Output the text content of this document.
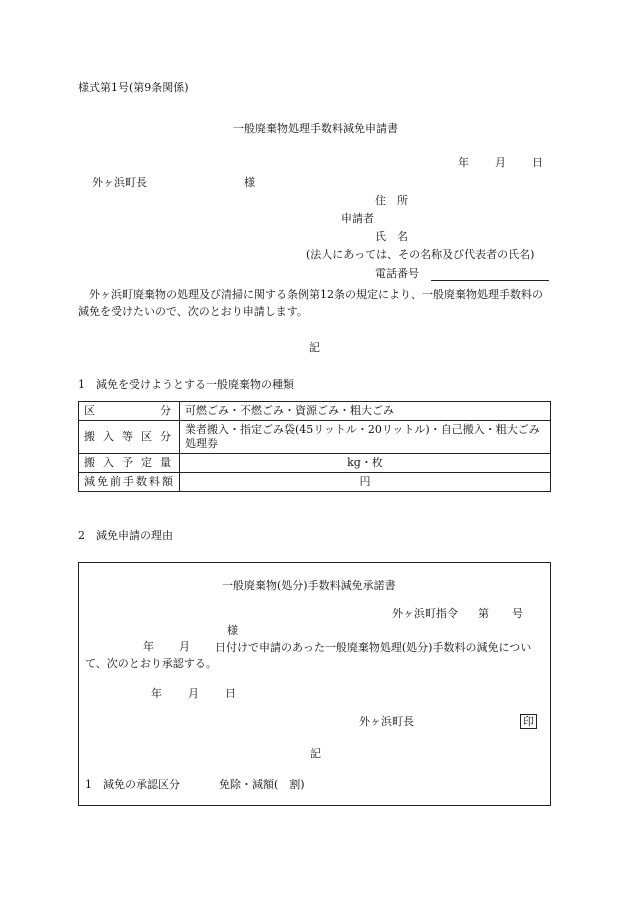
様式第1号(第9条関係)
一般廃棄物処理手数料減免申請書
年 月 日
外ヶ浜町長	様
住　所
申請者
氏　名
(法人にあっては、その名称及び代表者の氏名)
電話番号
外ヶ浜町廃棄物の処理及び清掃に関する条例第12条の規定により、一般廃棄物処理手数料の減免を受けたいので、次のとおり申請します。
記
1　減免を受けようとする一般廃棄物の種類
区　分	可燃ごみ・不燃ごみ・資源ごみ・粗大ごみ
搬入等区分	業者搬入・指定ごみ袋(45リットル・20リットル)・自己搬入・粗大ごみ処理券
搬入予定量	kg・枚
減免前手数料額	円
2　減免申請の理由
一般廃棄物(処分)手数料減免承諾書
外ヶ浜町指令 第 号
様
年 月	日付けで申請のあった一般廃棄物処理(処分)手数料の減免について、次のとおり承認する。
年 月 日
外ヶ浜町長	印
記
1　減免の承認区分	免除・減額(　割)
